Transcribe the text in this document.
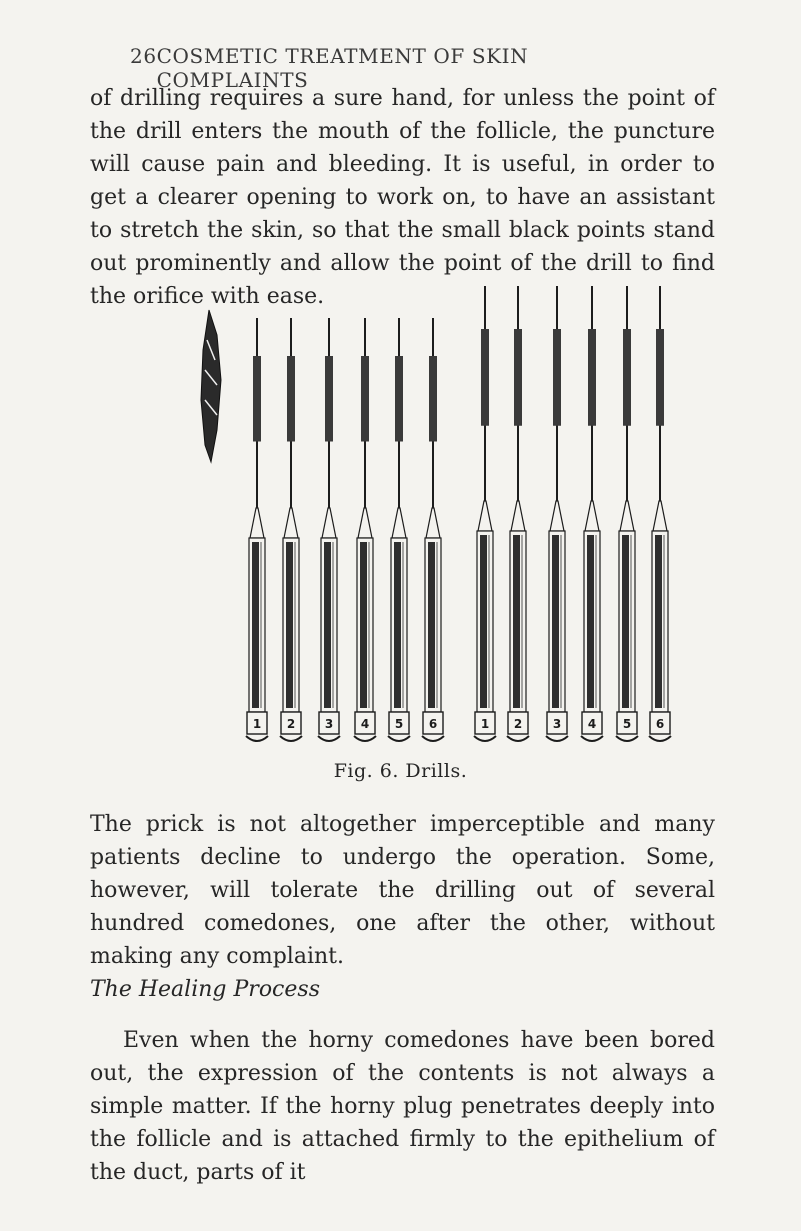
26 COSMETIC TREATMENT OF SKIN COMPLAINTS

of drilling requires a sure hand, for unless the point of the drill enters the mouth of the follicle, the puncture will cause pain and bleeding. It is useful, in order to get a clearer opening to work on, to have an assistant to stretch the skin, so that the small black points stand out prominently and allow the point of the drill to find the orifice with ease.

1 2 3 4 5 6	1 2	3 4 5 6
Fig. 6. Drills.

The prick is not altogether imperceptible and many patients decline to undergo the operation. Some, however, will tolerate the drilling out of several hundred comedones, one after the other, without making any complaint.

The Healing Process

Even when the horny comedones have been bored out, the expression of the contents is not always a simple matter. If the horny plug penetrates deeply into the follicle and is attached firmly to the epithelium of the duct, parts of it
